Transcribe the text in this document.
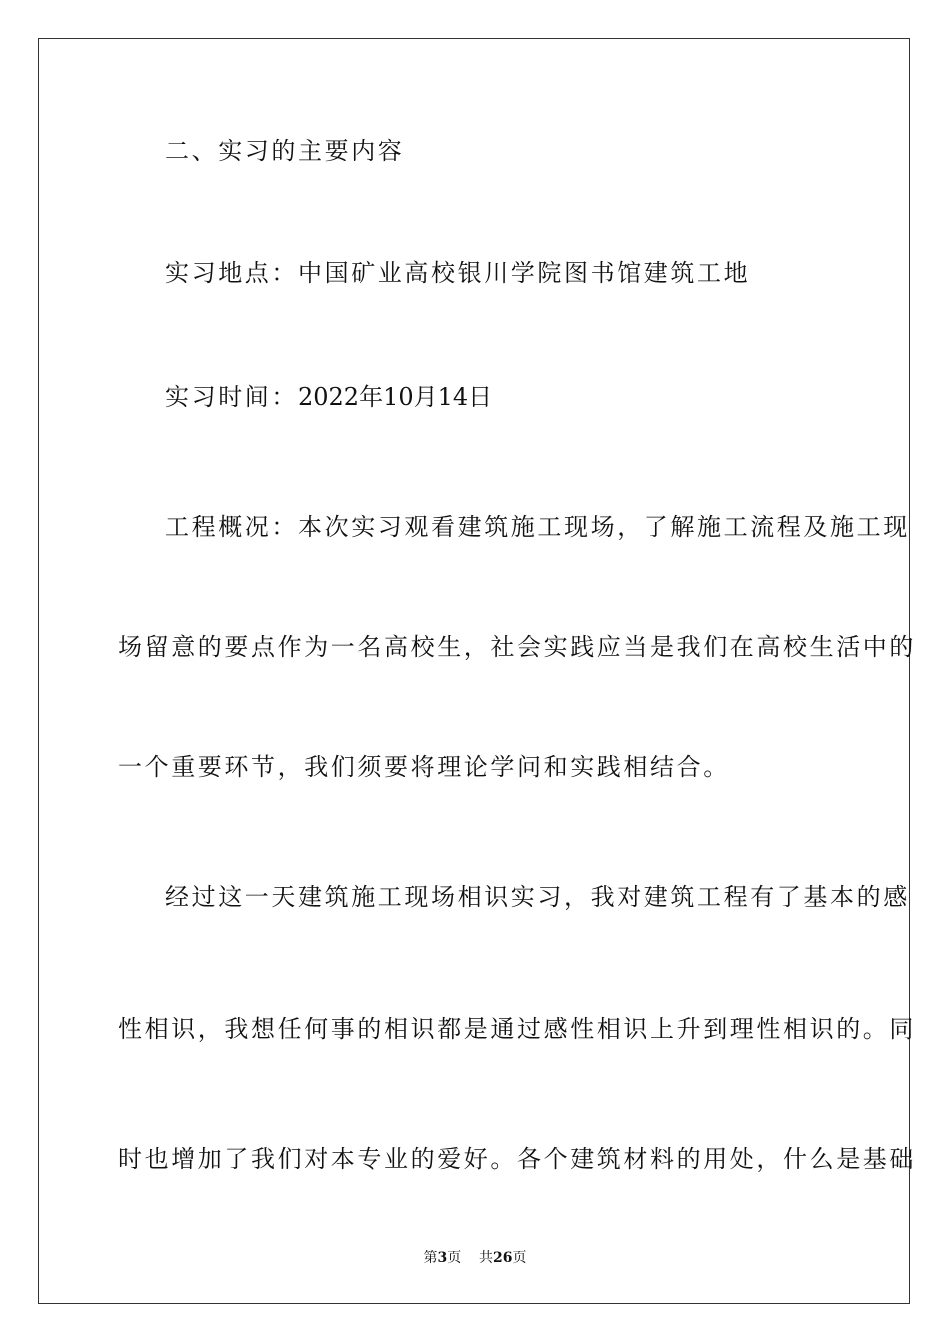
二、实习的主要内容
实习地点：中国矿业高校银川学院图书馆建筑工地
实习时间：2022年10月14日
工程概况：本次实习观看建筑施工现场，了解施工流程及施工现
场留意的要点作为一名高校生，社会实践应当是我们在高校生活中的
一个重要环节，我们须要将理论学问和实践相结合。
经过这一天建筑施工现场相识实习，我对建筑工程有了基本的感
性相识，我想任何事的相识都是通过感性相识上升到理性相识的。同
时也增加了我们对本专业的爱好。各个建筑材料的用处，什么是基础
第3页 共26页
